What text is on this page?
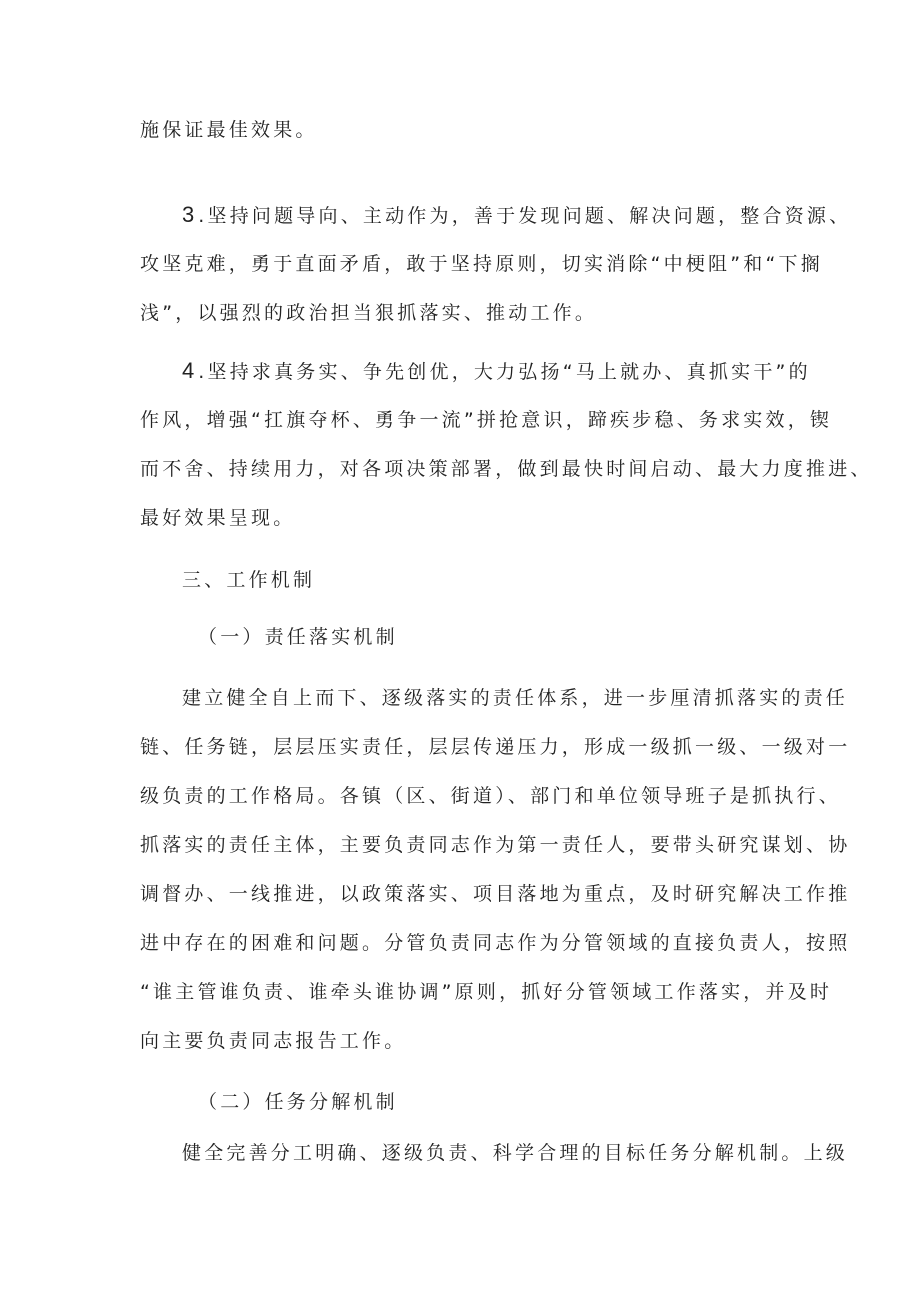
施保证最佳效果。

3.坚持问题导向、主动作为，善于发现问题、解决问题，整合资源、

攻坚克难，勇于直面矛盾，敢于坚持原则，切实消除“中梗阻”和“下搁

浅”，以强烈的政治担当狠抓落实、推动工作。

4.坚持求真务实、争先创优，大力弘扬“马上就办、真抓实干”的

作风，增强“扛旗夺杯、勇争一流”拼抢意识，蹄疾步稳、务求实效，锲

而不舍、持续用力，对各项决策部署，做到最快时间启动、最大力度推进、

最好效果呈现。

三、工作机制

（一）责任落实机制

建立健全自上而下、逐级落实的责任体系，进一步厘清抓落实的责任

链、任务链，层层压实责任，层层传递压力，形成一级抓一级、一级对一

级负责的工作格局。各镇（区、街道）、部门和单位领导班子是抓执行、

抓落实的责任主体，主要负责同志作为第一责任人，要带头研究谋划、协

调督办、一线推进，以政策落实、项目落地为重点，及时研究解决工作推

进中存在的困难和问题。分管负责同志作为分管领域的直接负责人，按照

“谁主管谁负责、谁牵头谁协调”原则，抓好分管领域工作落实，并及时

向主要负责同志报告工作。

（二）任务分解机制

健全完善分工明确、逐级负责、科学合理的目标任务分解机制。上级
